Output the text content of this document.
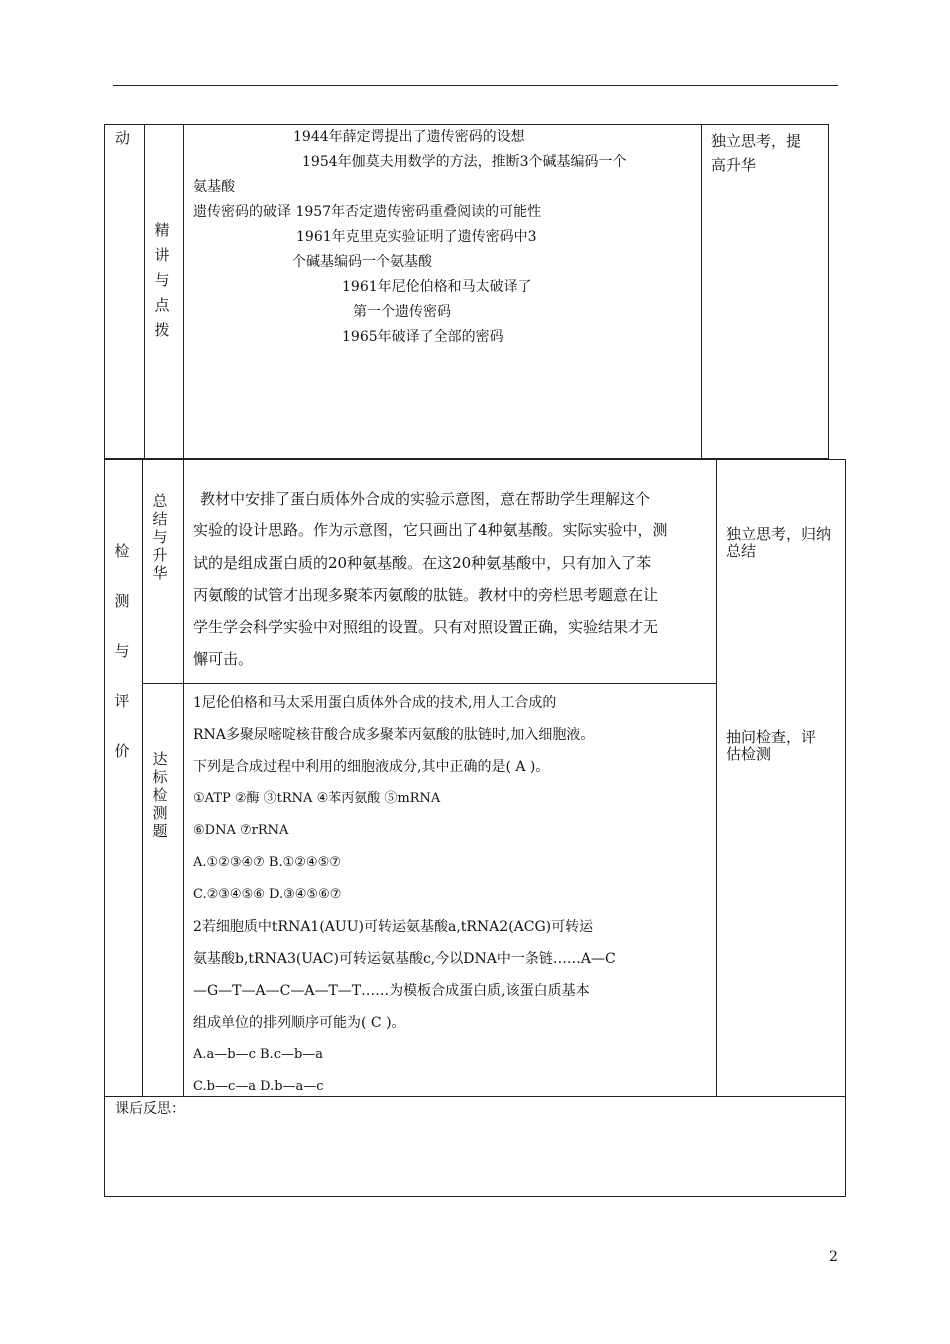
动
精
讲
与
点
拨
1944年薛定谔提出了遗传密码的设想
1954年伽莫夫用数学的方法，推断3个碱基编码一个
氨基酸
遗传密码的破译 1957年否定遗传密码重叠阅读的可能性
1961年克里克实验证明了遗传密码中3
个碱基编码一个氨基酸
1961年尼伦伯格和马太破译了
第一个遗传密码
1965年破译了全部的密码
独立思考，提
高升华
检
测
与
评
价
总
结
与
升
华
教材中安排了蛋白质体外合成的实验示意图，意在帮助学生理解这个
实验的设计思路。作为示意图，它只画出了4种氨基酸。实际实验中，测
试的是组成蛋白质的20种氨基酸。在这20种氨基酸中，只有加入了苯
丙氨酸的试管才出现多聚苯丙氨酸的肽链。教材中的旁栏思考题意在让
学生学会科学实验中对照组的设置。只有对照设置正确，实验结果才无
懈可击。
独立思考，归纳
总结
达
标
检
测
题
1尼伦伯格和马太采用蛋白质体外合成的技术,用人工合成的
RNA多聚尿嘧啶核苷酸合成多聚苯丙氨酸的肽链时,加入细胞液。
下列是合成过程中利用的细胞液成分,其中正确的是( A )。
①ATP ②酶 ③tRNA ④苯丙氨酸 ⑤mRNA
⑥DNA ⑦rRNA
A.①②③④⑦ B.①②④⑤⑦
C.②③④⑤⑥ D.③④⑤⑥⑦
2若细胞质中tRNA1(AUU)可转运氨基酸a,tRNA2(ACG)可转运
氨基酸b,tRNA3(UAC)可转运氨基酸c,今以DNA中一条链……A—C
—G—T—A—C—A—T—T……为模板合成蛋白质,该蛋白质基本
组成单位的排列顺序可能为( C )。
A.a—b—c B.c—b—a
C.b—c—a D.b—a—c
抽问检查，评
估检测
课后反思：
2
